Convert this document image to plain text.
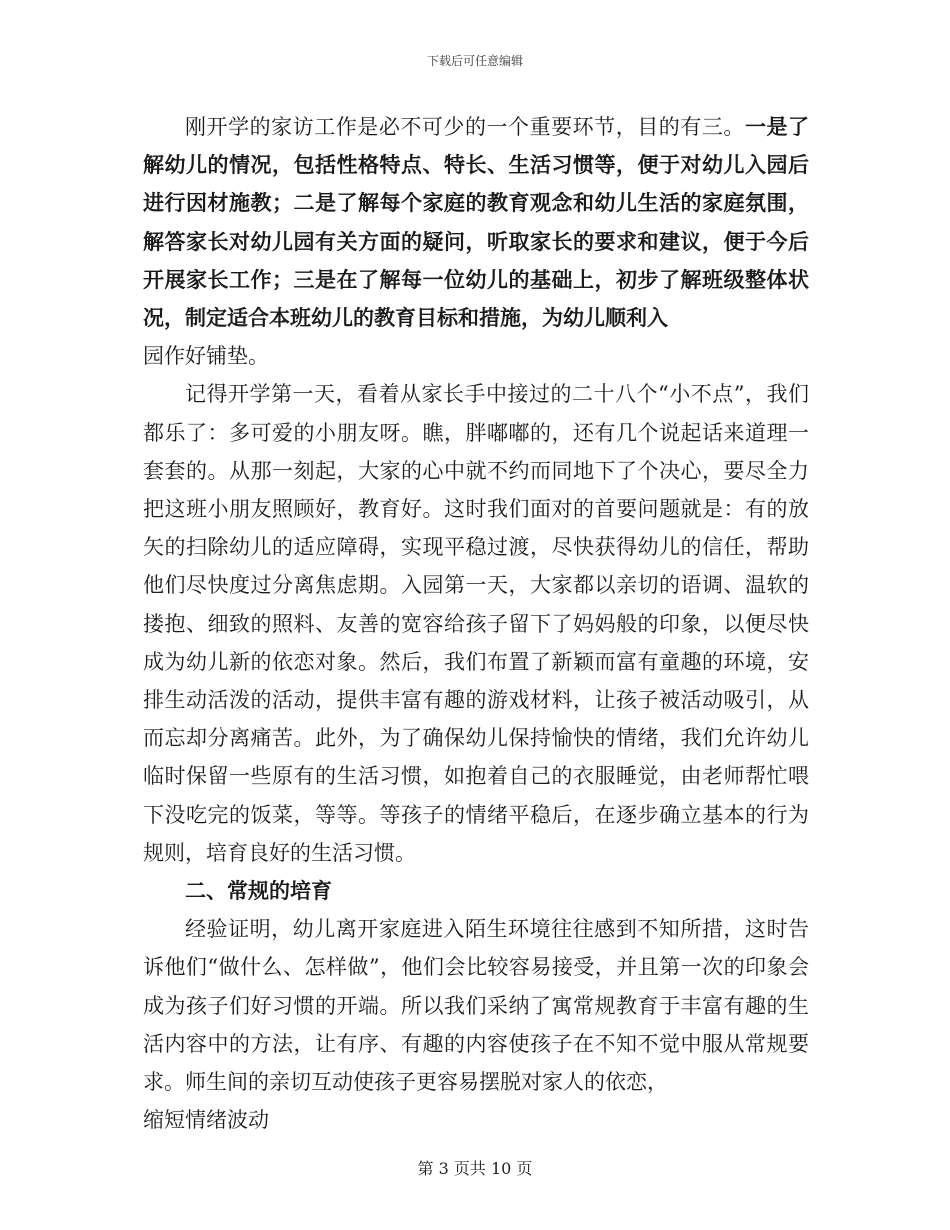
下载后可任意编辑

刚开学的家访工作是必不可少的一个重要环节，目的有三。一是了解幼儿的情况，包括性格特点、特长、生活习惯等，便于对幼儿入园后进行因材施教；二是了解每个家庭的教育观念和幼儿生活的家庭氛围，解答家长对幼儿园有关方面的疑问，听取家长的要求和建议，便于今后开展家长工作；三是在了解每一位幼儿的基础上，初步了解班级整体状况，制定适合本班幼儿的教育目标和措施，为幼儿顺利入

园作好铺垫。

记得开学第一天，看着从家长手中接过的二十八个“小不点”，我们都乐了：多可爱的小朋友呀。瞧，胖嘟嘟的，还有几个说起话来道理一套套的。从那一刻起，大家的心中就不约而同地下了个决心，要尽全力把这班小朋友照顾好，教育好。这时我们面对的首要问题就是：有的放矢的扫除幼儿的适应障碍，实现平稳过渡，尽快获得幼儿的信任，帮助他们尽快度过分离焦虑期。入园第一天，大家都以亲切的语调、温软的搂抱、细致的照料、友善的宽容给孩子留下了妈妈般的印象，以便尽快成为幼儿新的依恋对象。然后，我们布置了新颖而富有童趣的环境，安排生动活泼的活动，提供丰富有趣的游戏材料，让孩子被活动吸引，从而忘却分离痛苦。此外，为了确保幼儿保持愉快的情绪，我们允许幼儿临时保留一些原有的生活习惯，如抱着自己的衣服睡觉，由老师帮忙喂下没吃完的饭菜，等等。等孩子的情绪平稳后，在逐步确立基本的行为规则，培育良好的生活习惯。

二、常规的培育

经验证明，幼儿离开家庭进入陌生环境往往感到不知所措，这时告诉他们“做什么、怎样做”，他们会比较容易接受，并且第一次的印象会成为孩子们好习惯的开端。所以我们采纳了寓常规教育于丰富有趣的生活内容中的方法，让有序、有趣的内容使孩子在不知不觉中服从常规要求。师生间的亲切互动使孩子更容易摆脱对家人的依恋，

缩短情绪波动

第 3 页共 10 页
